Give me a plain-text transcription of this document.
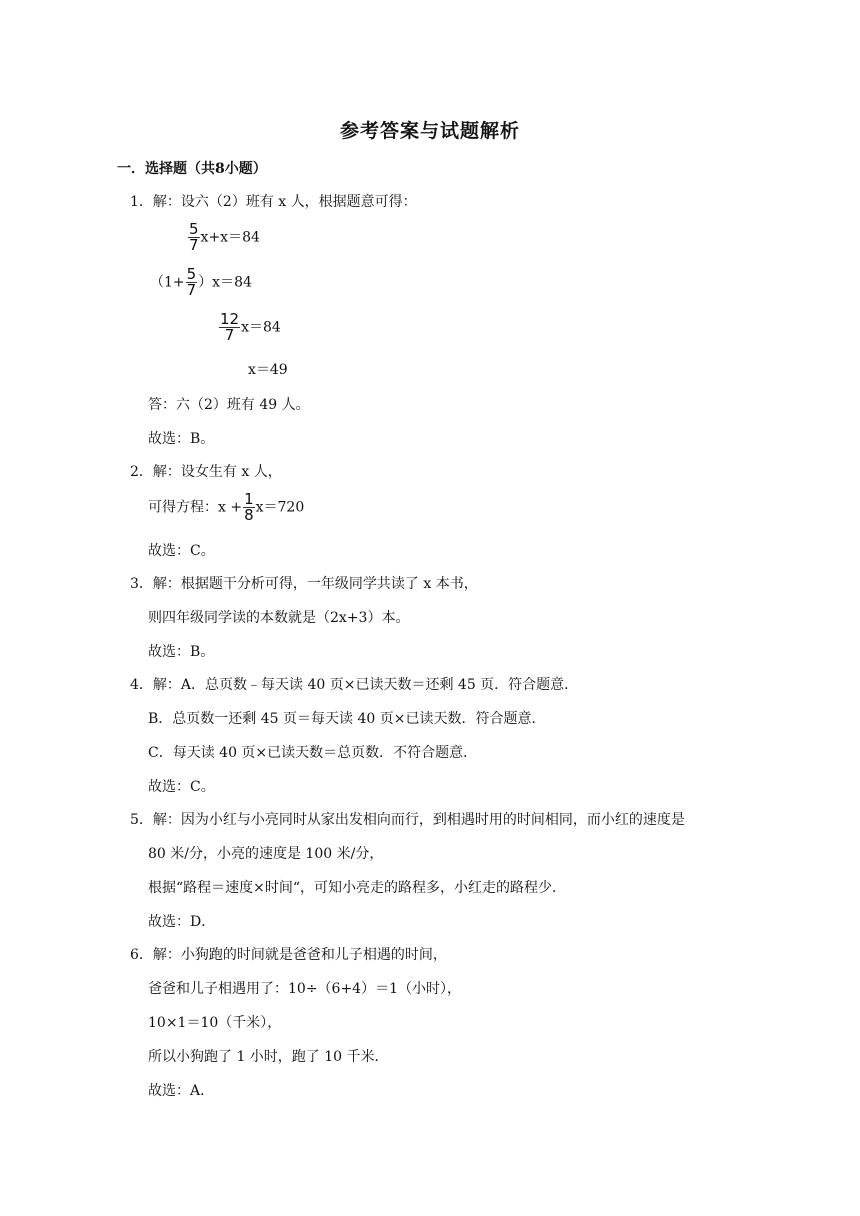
参考答案与试题解析
一．选择题（共8小题）
1．解：设六（2）班有 x 人，根据题意可得：
$\frac{5}{7} x+x=84$
$(1+ \frac{5}{7} )x=84$
$\frac{12}{7} x=84$
x＝49
答：六（2）班有 49 人。
故选：B。
2．解：设女生有 x 人，
可得方程：$x + \frac{1}{8} x=720$
故选：C。
3．解：根据题干分析可得，一年级同学共读了 x 本书，
则四年级同学读的本数就是（2x+3）本。
故选：B。
4．解：A．总页数﹣每天读 40 页×已读天数＝还剩 45 页．符合题意．
B．总页数一还剩 45 页＝每天读 40 页×已读天数．符合题意．
C．每天读 40 页×已读天数＝总页数．不符合题意．
故选：C。
5．解：因为小红与小亮同时从家出发相向而行，到相遇时用的时间相同，而小红的速度是
80 米/分，小亮的速度是 100 米/分，
根据“路程＝速度×时间“，可知小亮走的路程多，小红走的路程少．
故选：D．
6．解：小狗跑的时间就是爸爸和儿子相遇的时间，
爸爸和儿子相遇用了：10÷（6+4）＝1（小时），
10×1＝10（千米），
所以小狗跑了 1 小时，跑了 10 千米．
故选：A．
